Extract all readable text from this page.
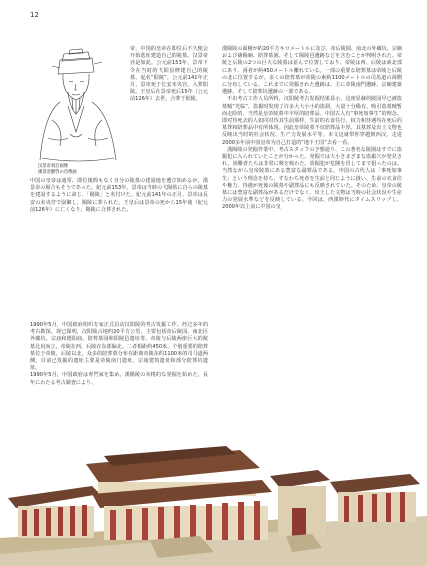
12
汉景帝刘启画像
漢景帝劉啓の肖像画

帝，中国的皇帝在即位后不久便会开始选址建造自己的陵墓。汉景帝亦是如此。公元前153年，景帝下令在当时的弋阳县修建自己的陵墓，起名“阳陵”。公元前141年正月，景帝死于长安未央宫，入葬阳陵。王皇后在景帝死后15年（公元前126年）去世，合葬于阳陵。

中国の皇帝は通常、即位後間もなく自分の陵墓の建設地を選び始めるが、漢景帝の場合もそうであった。紀元前153年、景帝は当時の弋陽県に自らの陵墓を建設するように命じ、「陽陵」と名付けた。紀元前141年の正月、景帝は長安の未央宮で崩御し、陽陵に葬られた。王皇后は景帝の死から15年後（紀元前126年）に亡くなり、陽陵に合葬された。

1990年5月，中国政府组织专家正式启动汉阳陵的考古发掘工作。经过多年的考古勘探，现已探明，汉阳陵占地约20平方公里，主要包括帝后陵园、南北区外藏坑、宗庙和德阳庙、陪葬墓园和阳陵邑遗址等。帝陵与后陵两座巨大的陵墓比肩而立，帝陵在西，后陵在东部偏北。二者相距约450米。个别重要的陪葬墓位于帝陵，后陵以北，众多的陪葬墓分布在距离帝陵东约1100米的司马道两侧。目前已发掘的遗址主要是帝陵南门遗址、宗庙建筑遗址和部分陪葬坑遗址。

1990年5月，中国政府は専門家を集め、漢陽陵の本格的な発掘を始めた。長年にわたる考古調査により、

漢陽陵の面積が約20平方キロメートルに及び、帝后陵園、南北の外蔵坑、宗廟および徳陽廟、陪葬墓園、そして陽陵邑遺跡などを含むことが判明された。帝陵と后陵の2つの巨大な陵墓は並んで位置しており、帝陵は西、后陵は東北部にあり、両者が約450メートル離れている。一部の重要な陪葬墓は帝陵と后陵の北に位置するが、多くの陪葬墓が帝陵の東約1100メートルの司馬道の両側に分布している。これまでに発掘された遺跡は、主に帝陵南門遺跡、宗廟建築遺跡、そして陪葬坑遺跡の一部である。

不出考古工作人员所料，汉阳陵考古发掘结果显示，这座显赫的陵园早已被盗墓贼“光临”。盗掘时发现了许多大大小小的盗洞，大量十分稀有、吸引盗墓贼暂而走险的，当然是皇帝陵墓中丰厚的陪葬品。中国古人有“事死如事生”的理念，即对待死去的人如同对待其生前那样，生前的衣食住行，权力和待遇均在死后的墓葬和陪葬品中有所体现。因此皇帝陵墓不仅陪葬品丰厚，其墓葬及出土文物也反映出当时的社会状况、生产力发展水平等。本文这就带你穿越到西汉，走进2000多年前中国皇帝为自己打造的“地下王国”去看一看。

漢陽陵の発掘作業中，考古スタッフの予想通り、この著名な陵園はすでに盗掘犯に入られていたことが分かった。発掘では大小さまざまな盗掘穴が発見され、困難者たちは非常に興を吸わた。盗掘犯が危険を冒してまで狙ったのは、当然ながら皇帝陵墓にある豊富な副葬品である。中国の古代人は「事死如事生」という理念を持ち、すなわち死者を生前と同じように扱い、生前の衣食住や権力、待遇が死後の陵墓や副葬品にも反映されていた。そのため、皇帝の陵墓には豊富な副葬品があるだけでなく、出土した文物は当時の社会状況や生産力の発展水準などを反映している。今回は、西漢時代にタイムスリップし、2000年以上前に中国の皇
